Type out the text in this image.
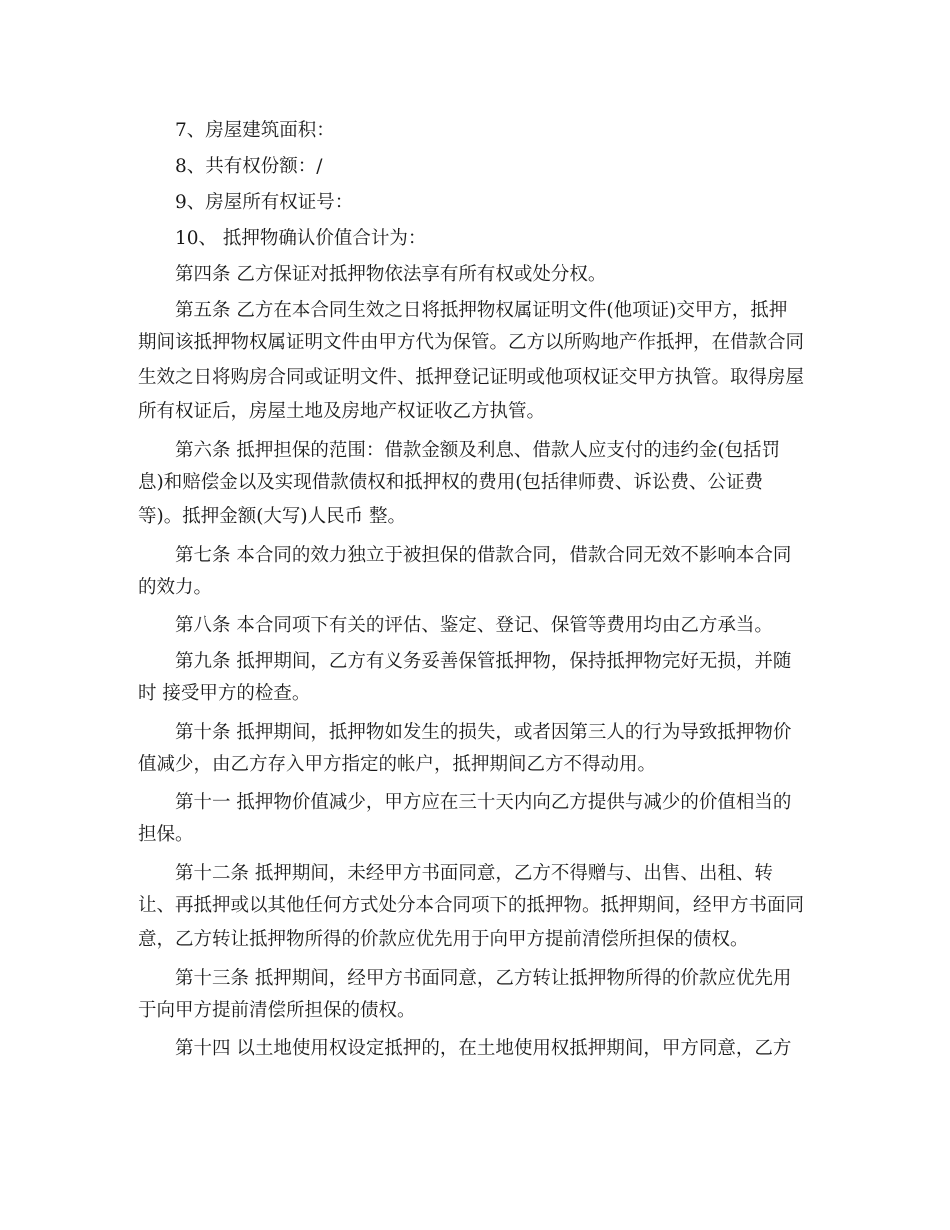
7、房屋建筑面积：
8、共有权份额：/
9、房屋所有权证号：
10、 抵押物确认价值合计为：
第四条 乙方保证对抵押物依法享有所有权或处分权。
第五条 乙方在本合同生效之日将抵押物权属证明文件(他项证)交甲方，抵押
期间该抵押物权属证明文件由甲方代为保管。乙方以所购地产作抵押，在借款合同
生效之日将购房合同或证明文件、抵押登记证明或他项权证交甲方执管。取得房屋
所有权证后，房屋土地及房地产权证收乙方执管。
第六条 抵押担保的范围：借款金额及利息、借款人应支付的违约金(包括罚
息)和赔偿金以及实现借款债权和抵押权的费用(包括律师费、诉讼费、公证费
等)。抵押金额(大写)人民币 整。
第七条 本合同的效力独立于被担保的借款合同，借款合同无效不影响本合同
的效力。
第八条 本合同项下有关的评估、鉴定、登记、保管等费用均由乙方承当。
第九条 抵押期间，乙方有义务妥善保管抵押物，保持抵押物完好无损，并随
时 接受甲方的检查。
第十条 抵押期间，抵押物如发生的损失，或者因第三人的行为导致抵押物价
值减少，由乙方存入甲方指定的帐户，抵押期间乙方不得动用。
第十一 抵押物价值减少，甲方应在三十天内向乙方提供与减少的价值相当的
担保。
第十二条 抵押期间，未经甲方书面同意，乙方不得赠与、出售、出租、转
让、再抵押或以其他任何方式处分本合同项下的抵押物。抵押期间，经甲方书面同
意，乙方转让抵押物所得的价款应优先用于向甲方提前清偿所担保的债权。
第十三条 抵押期间，经甲方书面同意，乙方转让抵押物所得的价款应优先用
于向甲方提前清偿所担保的债权。
第十四 以土地使用权设定抵押的，在土地使用权抵押期间，甲方同意，乙方
